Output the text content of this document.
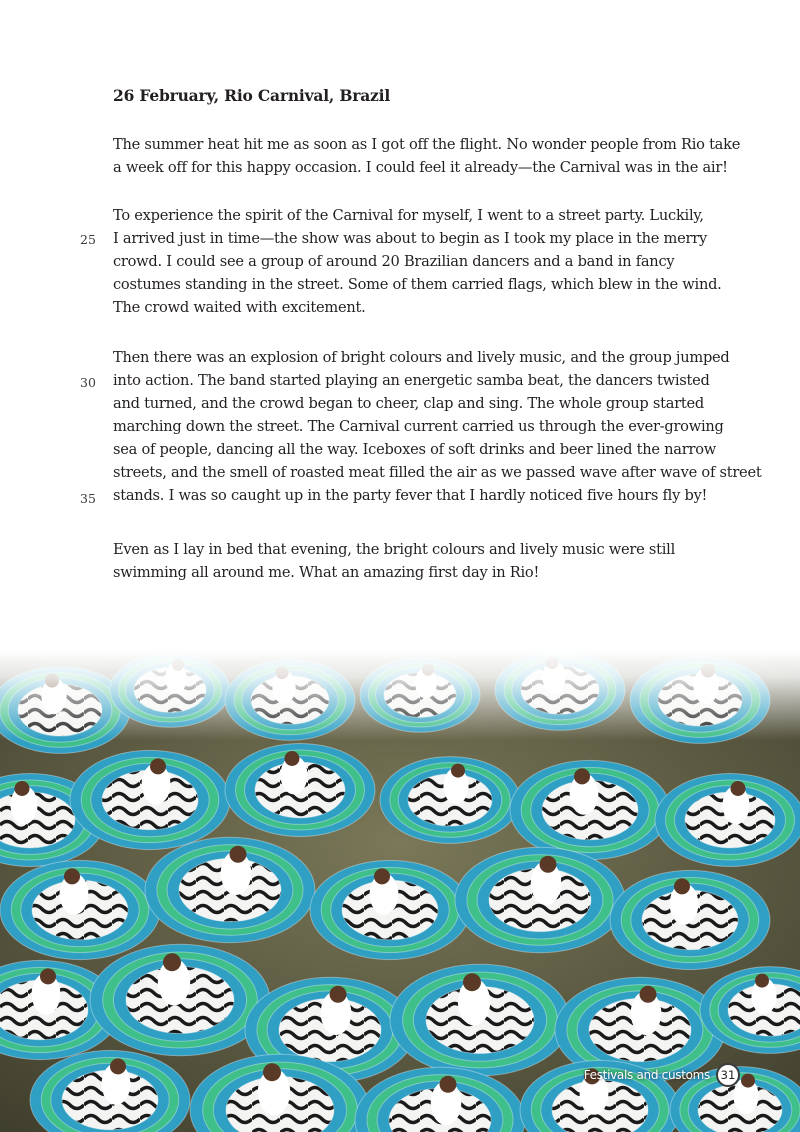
26 February, Rio Carnival, Brazil
The summer heat hit me as soon as I got off the flight. No wonder people from Rio take
a week off for this happy occasion. I could feel it already—the Carnival was in the air!
To experience the spirit of the Carnival for myself, I went to a street party. Luckily,
I arrived just in time—the show was about to begin as I took my place in the merry
crowd. I could see a group of around 20 Brazilian dancers and a band in fancy
costumes standing in the street. Some of them carried flags, which blew in the wind.
The crowd waited with excitement.
Then there was an explosion of bright colours and lively music, and the group jumped
into action. The band started playing an energetic samba beat, the dancers twisted
and turned, and the crowd began to cheer, clap and sing. The whole group started
marching down the street. The Carnival current carried us through the ever-growing
sea of people, dancing all the way. Iceboxes of soft drinks and beer lined the narrow
streets, and the smell of roasted meat filled the air as we passed wave after wave of street
stands. I was so caught up in the party fever that I hardly noticed five hours fly by!
Even as I lay in bed that evening, the bright colours and lively music were still
swimming all around me. What an amazing first day in Rio!
25
30
35
Festivals and customs 31
